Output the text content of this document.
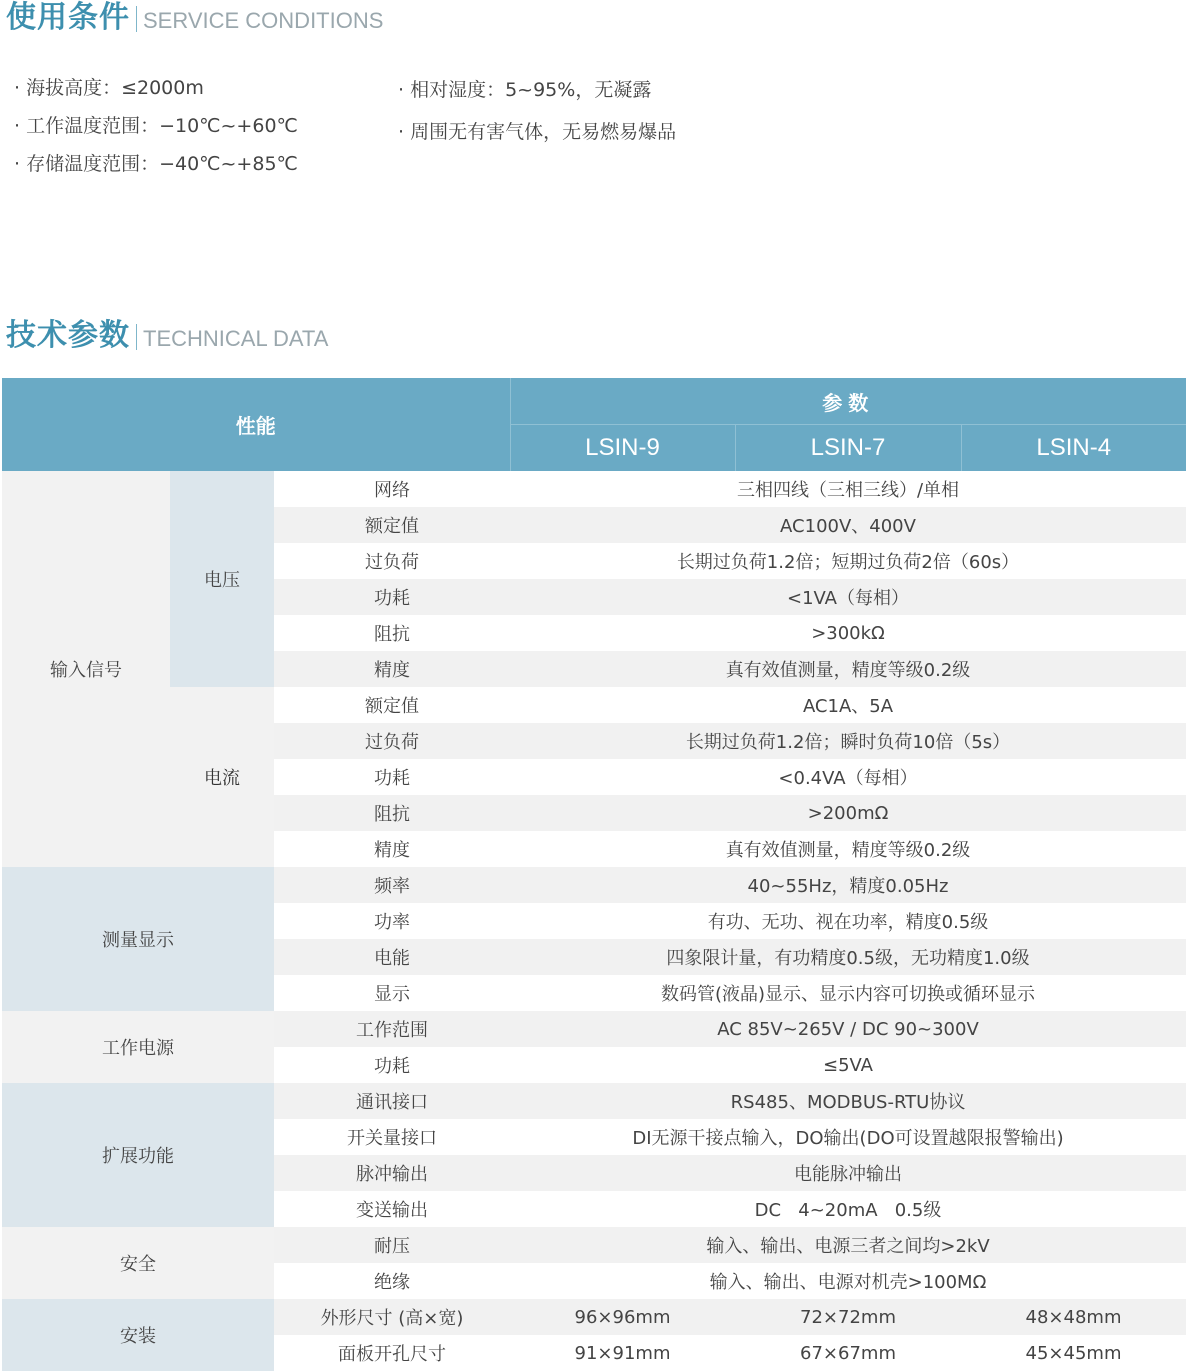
使用条件 SERVICE CONDITIONS
· 海拔高度：≤2000m
· 工作温度范围：−10℃~+60℃
· 存储温度范围：−40℃~+85℃
· 相对湿度：5~95%，无凝露
· 周围无有害气体，无易燃易爆品
技术参数 TECHNICAL DATA
性能			参数		
			LSIN-9	LSIN-7	LSIN-4
输入信号	电压	网络	三相四线（三相三线）/单相		
		额定值	AC100V、400V		
		过负荷	长期过负荷1.2倍；短期过负荷2倍（60s）		
		功耗	<1VA（每相）		
		阻抗	>300kΩ		
		精度	真有效值测量，精度等级0.2级		
	电流	额定值	AC1A、5A		
		过负荷	长期过负荷1.2倍；瞬时负荷10倍（5s）		
		功耗	<0.4VA（每相）		
		阻抗	>200mΩ		
		精度	真有效值测量，精度等级0.2级		
测量显示		频率	40~55Hz，精度0.05Hz		
		功率	有功、无功、视在功率，精度0.5级		
		电能	四象限计量，有功精度0.5级，无功精度1.0级		
		显示	数码管(液晶)显示、显示内容可切换或循环显示		
工作电源		工作范围	AC 85V~265V / DC 90~300V		
		功耗	≤5VA		
扩展功能		通讯接口	RS485、MODBUS-RTU协议		
		开关量接口	DI无源干接点输入，DO输出(DO可设置越限报警输出)		
		脉冲输出	电能脉冲输出		
		变送输出	DC   4~20mA   0.5级		
安全		耐压	输入、输出、电源三者之间均>2kV		
		绝缘	输入、输出、电源对机壳>100MΩ		
安装		外形尺寸 (高×宽)	96×96mm	72×72mm	48×48mm
		面板开孔尺寸	91×91mm	67×67mm	45×45mm
